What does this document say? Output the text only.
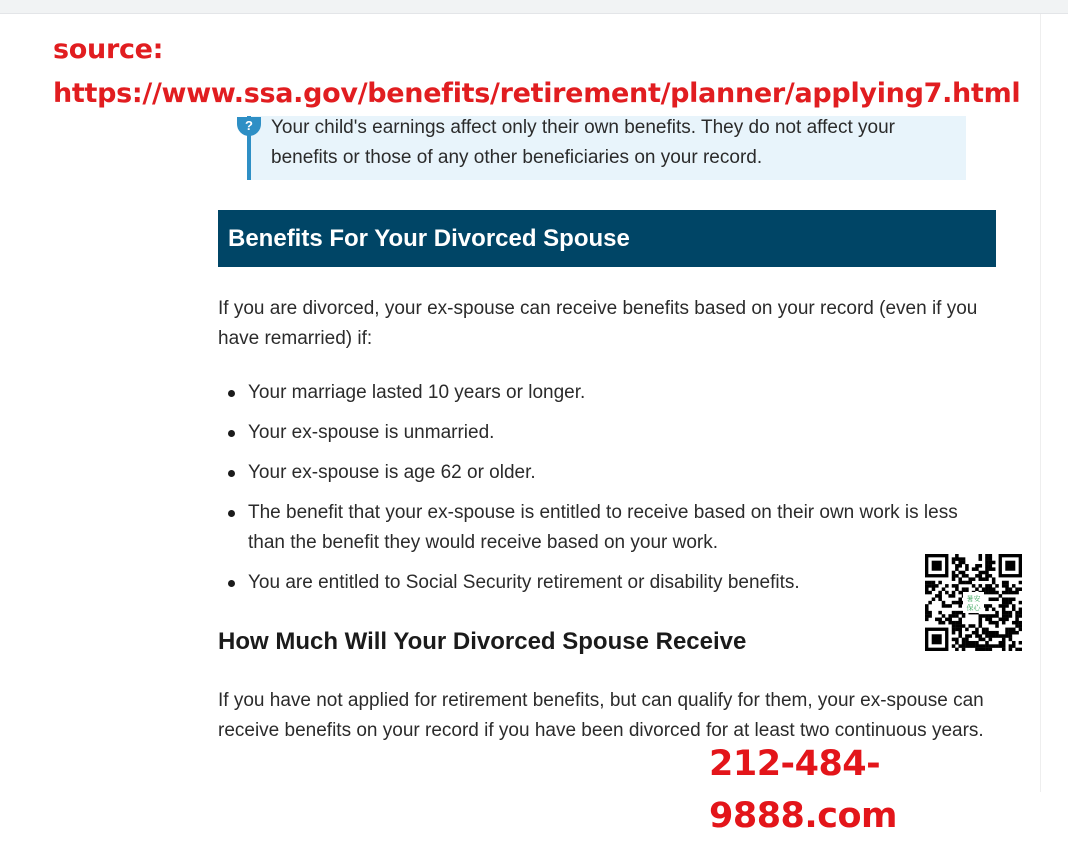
source:
https://www.ssa.gov/benefits/retirement/planner/applying7.html
? Your child's earnings affect only their own benefits. They do not affect your benefits or those of any other beneficiaries on your record.
Benefits For Your Divorced Spouse

If you are divorced, your ex-spouse can receive benefits based on your record (even if you have remarried) if:

Your marriage lasted 10 years or longer.
Your ex-spouse is unmarried.
Your ex-spouse is age 62 or older.
The benefit that your ex-spouse is entitled to receive based on their own work is less than the benefit they would receive based on your work.
You are entitled to Social Security retirement or disability benefits.
How Much Will Your Divorced Spouse Receive

If you have not applied for retirement benefits, but can qualify for them, your ex-spouse can receive benefits on your record if you have been divorced for at least two continuous years.

暑安
保心
212-484-9888.com
